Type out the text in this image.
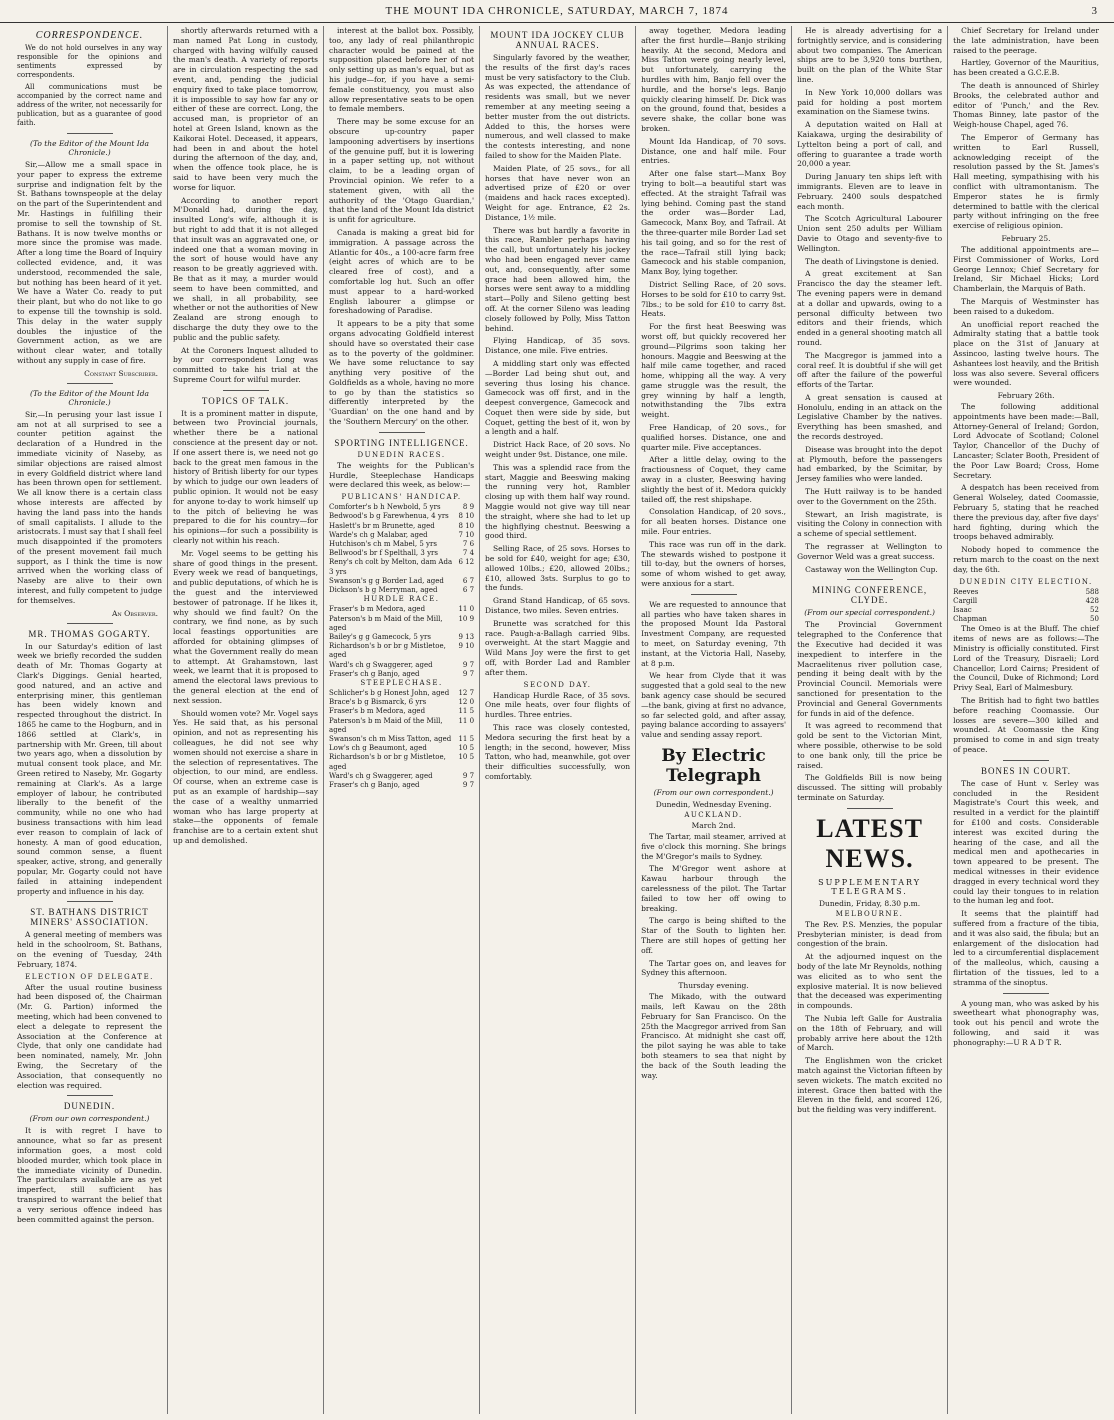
THE MOUNT IDA CHRONICLE, SATURDAY, MARCH 7, 1874	3
CORRESPONDENCE.

We do not hold ourselves in any way responsible for the opinions and sentiments expressed by correspondents.

All communications must be accompanied by the correct name and address of the writer, not necessarily for publication, but as a guarantee of good faith.

(To the Editor of the Mount Ida Chronicle.)

Sir,—Allow me a small space in your paper to express the extreme surprise and indignation felt by the St. Bathans townspeople at the delay on the part of the Superintendent and Mr. Hastings in fulfilling their promise to sell the township of St. Bathans. It is now twelve months or more since the promise was made. After a long time the Board of Inquiry collected evidence, and, it was understood, recommended the sale, but nothing has been heard of it yet. We have a Water Co. ready to put their plant, but who do not like to go to expense till the township is sold. This delay in the water supply doubles the injustice of the Government action, as we are without clear water, and totally without any supply in case of fire.

Constant Subscriber.
(To the Editor of the Mount Ida Chronicle.)

Sir,—In perusing your last issue I am not at all surprised to see a counter petition against the declaration of a Hundred in the immediate vicinity of Naseby, as similar objections are raised almost in every Goldfield district where land has been thrown open for settlement. We all know there is a certain class whose interests are affected by having the land pass into the hands of small capitalists. I allude to the aristocrats. I must say that I shall feel much disappointed if the promoters of the present movement fail much support, as I think the time is now arrived when the working class of Naseby are alive to their own interest, and fully competent to judge for themselves.

An Observer.
MR. THOMAS GOGARTY.

In our Saturday's edition of last week we briefly recorded the sudden death of Mr. Thomas Gogarty at Clark's Diggings. Genial hearted, good natured, and an active and enterprising miner, this gentleman has been widely known and respected throughout the district. In 1865 he came to the Hogburn, and in 1866 settled at Clark's, in partnership with Mr. Green, till about two years ago, when a dissolution by mutual consent took place, and Mr. Green retired to Naseby, Mr. Gogarty remaining at Clark's. As a large employer of labour, he contributed liberally to the benefit of the community, while no one who had business transactions with him lead ever reason to complain of lack of honesty. A man of good education, sound common sense, a fluent speaker, active, strong, and generally popular, Mr. Gogarty could not have failed in attaining independent property and influence in his day.

ST. BATHANS DISTRICT MINERS' ASSOCIATION.

A general meeting of members was held in the schoolroom, St. Bathans, on the evening of Tuesday, 24th February, 1874.

ELECTION OF DELEGATE.

After the usual routine business had been disposed of, the Chairman (Mr. G. Partion) informed the meeting, which had been convened to elect a delegate to represent the Association at the Conference at Clyde, that only one candidate had been nominated, namely, Mr. John Ewing, the Secretary of the Association, that consequently no election was required.

DUNEDIN.
(From our own correspondent.)

It is with regret I have to announce, what so far as present information goes, a most cold blooded murder, which took place in the immediate vicinity of Dunedin. The particulars available are as yet imperfect, still sufficient has transpired to warrant the belief that a very serious offence indeed has been committed against the person.

shortly afterwards returned with a man named Pat Long in custody, charged with having wilfully caused the man's death. A variety of reports are in circulation respecting the sad event, and, pending the judicial enquiry fixed to take place tomorrow, it is impossible to say how far any or either of these are correct. Long, the accused man, is proprietor of an hotel at Green Island, known as the Kaikorai Hotel. Deceased, it appears, had been in and about the hotel during the afternoon of the day, and, when the offence took place, he is said to have been very much the worse for liquor.

According to another report M'Donald had, during the day, insulted Long's wife, although it is but right to add that it is not alleged that insult was an aggravated one, or indeed one that a woman moving in the sort of house would have any reason to be greatly aggrieved with. Be that as it may, a murder would seem to have been committed, and we shall, in all probability, see whether or not the authorities of New Zealand are strong enough to discharge the duty they owe to the public and the public safety.

At the Coroners Inquest alluded to by our correspondent Long was committed to take his trial at the Supreme Court for wilful murder.

TOPICS OF TALK.

It is a prominent matter in dispute, between two Provincial journals, whether there be a national conscience at the present day or not. If one assert there is, we need not go back to the great men famous in the history of British liberty for our types by which to judge our own leaders of public opinion. It would not be easy for anyone to-day to work himself up to the pitch of believing he was prepared to die for his country—for his opinions—for such a possibility is clearly not within his reach.

Mr. Vogel seems to be getting his share of good things in the present. Every week we read of banquetings, and public deputations, of which he is the guest and the interviewed bestower of patronage. If he likes it, why should we find fault? On the contrary, we find none, as by such local feastings opportunities are afforded for obtaining glimpses of what the Government really do mean to attempt. At Grahamstown, last week, we learnt that it is proposed to amend the electoral laws previous to the general election at the end of next session.

Should women vote? Mr. Vogel says Yes. He said that, as his personal opinion, and not as representing his colleagues, he did not see why women should not exercise a share in the selection of representatives. The objection, to our mind, are endless. Of course, when an extreme case is put as an example of hardship—say the case of a wealthy unmarried woman who has large property at stake—the opponents of female franchise are to a certain extent shut up and demolished.

interest at the ballot box. Possibly, too, any lady of real philanthropic character would be pained at the supposition placed before her of not only setting up as man's equal, but as his judge—for, if you have a semi-female constituency, you must also allow representative seats to be open to female members.

There may be some excuse for an obscure up-country paper lampooning advertisers by insertions of the genuine puff, but it is lowering in a paper setting up, not without claim, to be a leading organ of Provincial opinion. We refer to a statement given, with all the authority of the 'Otago Guardian,' that the land of the Mount Ida district is unfit for agriculture.

Canada is making a great bid for immigration. A passage across the Atlantic for 40s., a 100-acre farm free (eight acres of which are to be cleared free of cost), and a comfortable log hut. Such an offer must appear to a hard-worked English labourer a glimpse or foreshadowing of Paradise.

It appears to be a pity that some organs advocating Goldfield interest should have so overstated their case as to the poverty of the goldminer. We have some reluctance to say anything very positive of the Goldfields as a whole, having no more to go by than the statistics so differently interpreted by the 'Guardian' on the one hand and by the 'Southern Mercury' on the other.

SPORTING INTELLIGENCE.
DUNEDIN RACES.

The weights for the Publican's Hurdle, Steeplechase Handicaps were declared this week, as below:—

PUBLICANS' HANDICAP.
Comforter's b h Newbold, 5 yrs	8 9
Bedwood's b g Farewhenua, 4 yrs	8 10
Haslett's br m Brunette, aged	8 10
Warde's ch g Malabar, aged	7 10
Hutchison's ch m Mabel, 5 yrs	7 6
Bellwood's br f Spelthall, 3 yrs	7 4
Reny's ch colt by Melton, dam Ada 3 yrs
6 12
Swanson's g g Border Lad, aged	6 7
Dickson's b g Merryman, aged	6 7
HURDLE RACE.
Fraser's b m Medora, aged	11 0
Paterson's b m Maid of the Mill, aged
10 9
Bailey's g g Gamecock, 5 yrs	9 13
Richardson's b or br g Mistletoe, aged
9 10
Ward's ch g Swaggerer, aged	9 7
Fraser's ch g Banjo, aged	9 7
STEEPLECHASE.
Schlicher's b g Honest John, aged	12 7
Brace's b g Bismarck, 6 yrs	12 0
Fraser's b m Medora, aged	11 5
Paterson's b m Maid of the Mill, aged
11 0
Swanson's ch m Miss Tatton, aged	11 5
Low's ch g Beaumont, aged	10 5
Richardson's b or br g Mistletoe, aged
10 5
Ward's ch g Swaggerer, aged	9 7
Fraser's ch g Banjo, aged	9 7
MOUNT IDA JOCKEY CLUB ANNUAL RACES.

Singularly favored by the weather, the results of the first day's races must be very satisfactory to the Club. As was expected, the attendance of residents was small, but we never remember at any meeting seeing a better muster from the out districts. Added to this, the horses were numerous, and well classed to make the contests interesting, and none failed to show for the Maiden Plate.

Maiden Plate, of 25 sovs., for all horses that have never won an advertised prize of £20 or over (maidens and hack races excepted). Weight for age. Entrance, £2 2s. Distance, 1½ mile.

There was but hardly a favorite in this race, Rambler perhaps having the call, but unfortunately his jockey who had been engaged never came out, and, consequently, after some grace had been allowed him, the horses were sent away to a middling start—Polly and Sileno getting best off. At the corner Sileno was leading closely followed by Polly, Miss Tatton behind.

Flying Handicap, of 35 sovs. Distance, one mile. Five entries.

A middling start only was effected—Border Lad being shut out, and severing thus losing his chance. Gamecock was off first, and in the deepest convergence, Gamecock and Coquet then were side by side, but Coquet, getting the best of it, won by a length and a half.

District Hack Race, of 20 sovs. No weight under 9st. Distance, one mile.

This was a splendid race from the start, Maggie and Beeswing making the running very hot, Rambler closing up with them half way round. Maggie would not give way till near the straight, where she had to let up the highflying chestnut. Beeswing a good third.

Selling Race, of 25 sovs. Horses to be sold for £40, weight for age; £30, allowed 10lbs.; £20, allowed 20lbs.; £10, allowed 3sts. Surplus to go to the funds.

Grand Stand Handicap, of 65 sovs. Distance, two miles. Seven entries.

Brunette was scratched for this race. Paugh-a-Ballagh carried 9lbs. overweight. At the start Maggie and Wild Mans Joy were the first to get off, with Border Lad and Rambler after them.

SECOND DAY.

Handicap Hurdle Race, of 35 sovs. One mile heats, over four flights of hurdles. Three entries.

This race was closely contested, Medora securing the first heat by a length; in the second, however, Miss Tatton, who had, meanwhile, got over their difficulties successfully, won comfortably.

away together, Medora leading after the first hurdle—Banjo striking heavily. At the second, Medora and Miss Tatton were going nearly level, but unfortunately, carrying the hurdles with him, Banjo fell over the hurdle, and the horse's legs. Banjo quickly clearing himself. Dr. Dick was on the ground, found that, besides a severe shake, the collar bone was broken.

Mount Ida Handicap, of 70 sovs. Distance, one and half mile. Four entries.

After one false start—Manx Boy trying to bolt—a beautiful start was effected. At the straight Tafrail was lying behind. Coming past the stand the order was—Border Lad, Gamecock, Manx Boy, and Tafrail. At the three-quarter mile Border Lad set his tail going, and so for the rest of the race—Tafrail still lying back; Gamecock and his stable companion, Manx Boy, lying together.

District Selling Race, of 20 sovs. Horses to be sold for £10 to carry 9st. 7lbs.; to be sold for £10 to carry 8st. Heats.

For the first heat Beeswing was worst off, but quickly recovered her ground—Pilgrims soon taking her honours. Maggie and Beeswing at the half mile came together, and raced home, whipping all the way. A very game struggle was the result, the grey winning by half a length, notwithstanding the 7lbs extra weight.

Free Handicap, of 20 sovs., for qualified horses. Distance, one and quarter mile. Five acceptances.

After a little delay, owing to the fractiousness of Coquet, they came away in a cluster, Beeswing having slightly the best of it. Medora quickly tailed off, the rest shipshape.

Consolation Handicap, of 20 sovs., for all beaten horses. Distance one mile. Four entries.

This race was run off in the dark. The stewards wished to postpone it till to-day, but the owners of horses, some of whom wished to get away, were anxious for a start.

We are requested to announce that all parties who have taken shares in the proposed Mount Ida Pastoral Investment Company, are requested to meet, on Saturday evening, 7th instant, at the Victoria Hall, Naseby, at 8 p.m.

We hear from Clyde that it was suggested that a gold seal to the new bank agency case should be secured—the bank, giving at first no advance, so far selected gold, and after assay, paying balance according to assayers' value and sending assay report.

By Electric Telegraph
(From our own correspondent.)
Dunedin, Wednesday Evening.
AUCKLAND.
March 2nd.

The Tartar, mail steamer, arrived at five o'clock this morning. She brings the M'Gregor's mails to Sydney.

The M'Gregor went ashore at Kawau harbour through the carelessness of the pilot. The Tartar failed to tow her off owing to breaking.

The cargo is being shifted to the Star of the South to lighten her. There are still hopes of getting her off.

The Tartar goes on, and leaves for Sydney this afternoon.

Thursday evening.

The Mikado, with the outward mails, left Kawau on the 28th February for San Francisco. On the 25th the Macgregor arrived from San Francisco. At midnight she cast off, the pilot saying he was able to take both steamers to sea that night by the back of the South leading the way.

He is already advertising for a fortnightly service, and is considering about two companies. The American ships are to be 3,920 tons burthen, built on the plan of the White Star line.

In New York 10,000 dollars was paid for holding a post mortem examination on the Siamese twins.

A deputation waited on Hall at Kaiakawa, urging the desirability of Lyttelton being a port of call, and offering to guarantee a trade worth 20,000 a year.

During January ten ships left with immigrants. Eleven are to leave in February. 2400 souls despatched each month.

The Scotch Agricultural Labourer Union sent 250 adults per William Davie to Otago and seventy-five to Wellington.

The death of Livingstone is denied.

A great excitement at San Francisco the day the steamer left. The evening papers were in demand at a dollar and upwards, owing to a personal difficulty between two editors and their friends, which ended in a general shooting match all round.

The Macgregor is jammed into a coral reef. It is doubtful if she will get off after the failure of the powerful efforts of the Tartar.

A great sensation is caused at Honolulu, ending in an attack on the Legislative Chamber by the natives. Everything has been smashed, and the records destroyed.

Disease was brought into the depot at Plymouth, before the passengers had embarked, by the Scimitar, by Jersey families who were landed.

The Hutt railway is to be handed over to the Government on the 25th.

Stewart, an Irish magistrate, is visiting the Colony in connection with a scheme of special settlement.

The regrasser at Wellington to Governor Weld was a great success.

Castaway won the Wellington Cup.

MINING CONFERENCE, CLYDE.
(From our special correspondent.)

The Provincial Government telegraphed to the Conference that the Executive had decided it was inexpedient to interfere in the Macraelitenus river pollution case, pending it being dealt with by the Provincial Council. Memorials were sanctioned for presentation to the Provincial and General Governments for funds in aid of the defence.

It was agreed to recommend that gold be sent to the Victorian Mint, where possible, otherwise to be sold to one bank only, till the price be raised.

The Goldfields Bill is now being discussed. The sitting will probably terminate on Saturday.

LATEST NEWS.
SUPPLEMENTARY TELEGRAMS.
Dunedin, Friday, 8.30 p.m.
MELBOURNE.

The Rev. P.S. Menzies, the popular Presbyterian minister, is dead from congestion of the brain.

At the adjourned inquest on the body of the late Mr Reynolds, nothing was elicited as to who sent the explosive material. It is now believed that the deceased was experimenting in compounds.

The Nubia left Galle for Australia on the 18th of February, and will probably arrive here about the 12th of March.

The Englishmen won the cricket match against the Victorian fifteen by seven wickets. The match excited no interest. Grace then batted with the Eleven in the field, and scored 126, but the fielding was very indifferent.

Chief Secretary for Ireland under the late administration, have been raised to the peerage.

Hartley, Governor of the Mauritius, has been created a G.C.E.B.

The death is announced of Shirley Brooks, the celebrated author and editor of 'Punch,' and the Rev. Thomas Binney, late pastor of the Weigh-house Chapel, aged 76.

The Emperor of Germany has written to Earl Russell, acknowledging receipt of the resolution passed by the St. James's Hall meeting, sympathising with his conflict with ultramontanism. The Emperor states he is firmly determined to battle with the clerical party without infringing on the free exercise of religious opinion.

February 25.

The additional appointments are—First Commissioner of Works, Lord George Lennox; Chief Secretary for Ireland, Sir Michael Hicks; Lord Chamberlain, the Marquis of Bath.

The Marquis of Westminster has been raised to a dukedom.

An unofficial report reached the Admiralty stating that a battle took place on the 31st of January at Assincoo, lasting twelve hours. The Ashantees lost heavily, and the British loss was also severe. Several officers were wounded.

February 26th.

The following additional appointments have been made:—Ball, Attorney-General of Ireland; Gordon, Lord Advocate of Scotland; Colonel Taylor, Chancellor of the Duchy of Lancaster; Sclater Booth, President of the Poor Law Board; Cross, Home Secretary.

A despatch has been received from General Wolseley, dated Coomassie, February 5, stating that he reached there the previous day, after five days' hard fighting, during which the troops behaved admirably.

Nobody hoped to commence the return march to the coast on the next day, the 6th.

DUNEDIN CITY ELECTION.
Reeves	588
Cargill	428
Isaac	52
Chapman	50

The Omeo is at the Bluff. The chief items of news are as follows:—The Ministry is officially constituted. First Lord of the Treasury, Disraeli; Lord Chancellor, Lord Cairns; President of the Council, Duke of Richmond; Lord Privy Seal, Earl of Malmesbury.

The British had to fight two battles before reaching Coomassie. Our losses are severe—300 killed and wounded. At Coomassie the King promised to come in and sign treaty of peace.

BONES IN COURT.

The case of Hunt v. Serley was concluded in the Resident Magistrate's Court this week, and resulted in a verdict for the plaintiff for £100 and costs. Considerable interest was excited during the hearing of the case, and all the medical men and apothecaries in town appeared to be present. The medical witnesses in their evidence dragged in every technical word they could lay their tongues to in relation to the human leg and foot.

It seems that the plaintiff had suffered from a fracture of the tibia, and it was also said, the fibula; but an enlargement of the dislocation had led to a circumferential displacement of the malleolus, which, causing a flirtation of the tissues, led to a stramma of the sinoptus.

A young man, who was asked by his sweetheart what phonography was, took out his pencil and wrote the following, and said it was phonography:—U R A D T R.
